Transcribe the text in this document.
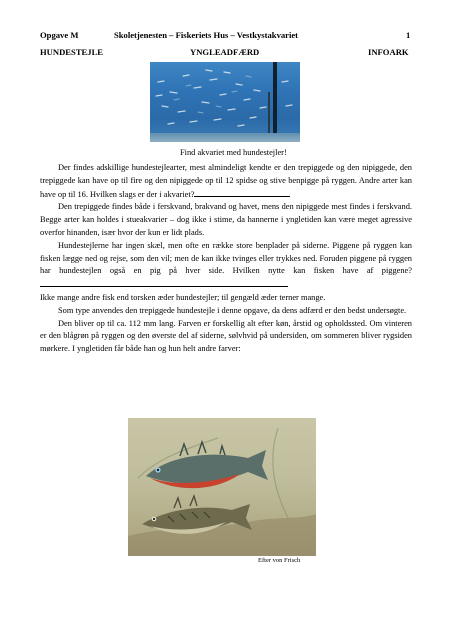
Opgave M	Skoletjenesten – Fiskeriets Hus – Vestkystakvariet	1
HUNDESTEJLE	YNGLEADFÆRD	INFOARK
Find akvariet med hundestejler!

Der findes adskillige hundestejlearter, mest almindeligt kendte er den trepiggede og den nipiggede, den trepiggede kan have op til fire og den nipiggede op til 12 spidse og stive benpigge på ryggen. Andre arter kan have op til 16. Hvilken slags er der i akvariet?

Den trepiggede findes både i ferskvand, brakvand og havet, mens den nipiggede mest findes i ferskvand. Begge arter kan holdes i stueakvarier – dog ikke i stime, da hannerne i yngletiden kan være meget agressive overfor hinanden, især hvor der kun er lidt plads.

Hundestejlerne har ingen skæl, men ofte en række store benplader på siderne. Piggene på ryggen kan fisken lægge ned og rejse, som den vil; men de kan ikke tvinges eller trykkes ned. Foruden piggene på ryggen har hundestejlen også en pig på hver side. Hvilken nytte kan fisken have af piggene?

Ikke mange andre fisk end torsken æder hundestejler; til gengæld æder terner mange.

Som type anvendes den trepiggede hundestejle i denne opgave, da dens adfærd er den bedst undersøgte.

Den bliver op til ca. 112 mm lang. Farven er forskellig alt efter køn, årstid og opholdssted. Om vinteren er den blågrøn på ryggen og den øverste del af siderne, sølvhvid på undersiden, om sommeren bliver rygsiden mørkere. I yngletiden får både han og hun helt andre farver:

Efter von Frisch
